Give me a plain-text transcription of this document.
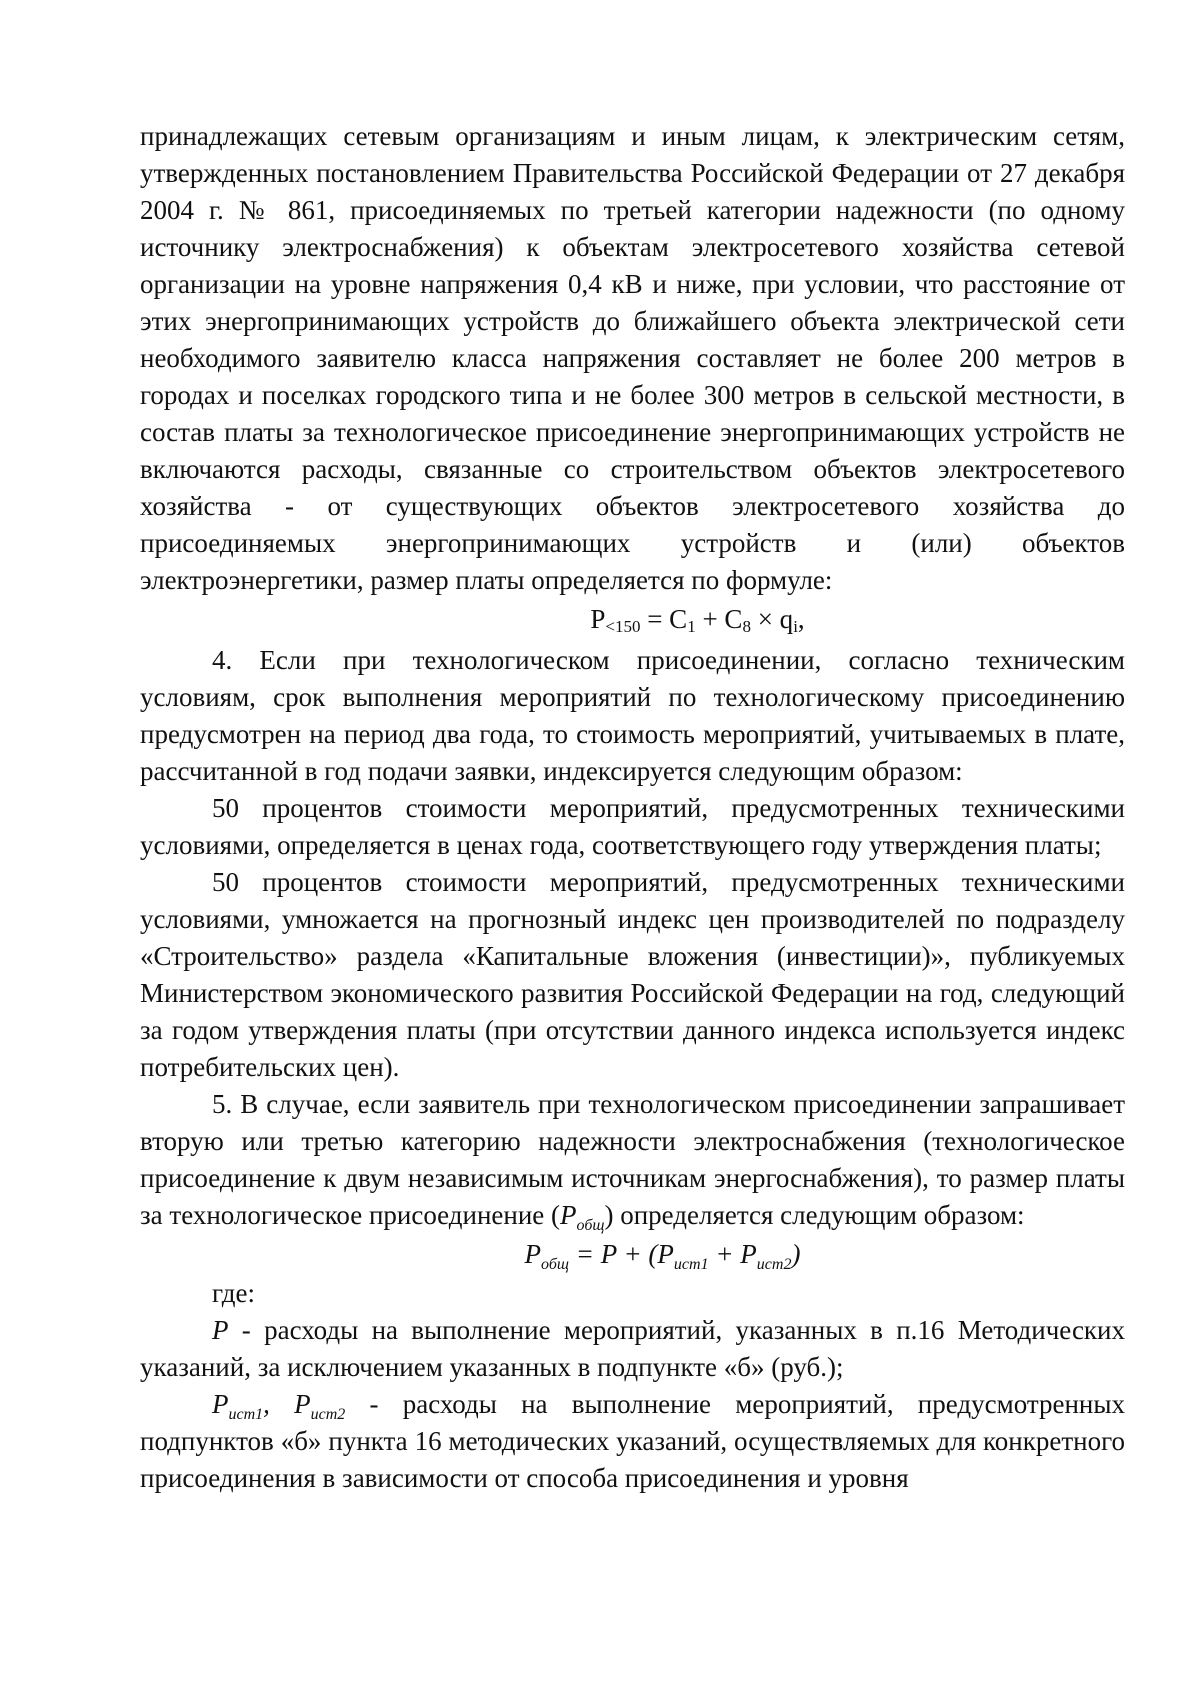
принадлежащих сетевым организациям и иным лицам, к электрическим сетям, утвержденных постановлением Правительства Российской Федерации от 27 декабря 2004 г. № 861, присоединяемых по третьей категории надежности (по одному источнику электроснабжения) к объектам электросетевого хозяйства сетевой организации на уровне напряжения 0,4 кВ и ниже, при условии, что расстояние от этих энергопринимающих устройств до ближайшего объекта электрической сети необходимого заявителю класса напряжения составляет не более 200 метров в городах и поселках городского типа и не более 300 метров в сельской местности, в состав платы за технологическое присоединение энергопринимающих устройств не включаются расходы, связанные со строительством объектов электросетевого хозяйства - от существующих объектов электросетевого хозяйства до присоединяемых энергопринимающих устройств и (или) объектов электроэнергетики, размер платы определяется по формуле:

$P_{<150} = C_1 + C_8 \times q_i$,

4. Если при технологическом присоединении, согласно техническим условиям, срок выполнения мероприятий по технологическому присоединению предусмотрен на период два года, то стоимость мероприятий, учитываемых в плате, рассчитанной в год подачи заявки, индексируется следующим образом:

50 процентов стоимости мероприятий, предусмотренных техническими условиями, определяется в ценах года, соответствующего году утверждения платы;

50 процентов стоимости мероприятий, предусмотренных техническими условиями, умножается на прогнозный индекс цен производителей по подразделу «Строительство» раздела «Капитальные вложения (инвестиции)», публикуемых Министерством экономического развития Российской Федерации на год, следующий за годом утверждения платы (при отсутствии данного индекса используется индекс потребительских цен).

5. В случае, если заявитель при технологическом присоединении запрашивает вторую или третью категорию надежности электроснабжения (технологическое присоединение к двум независимым источникам энергоснабжения), то размер платы за технологическое присоединение $(P_{общ})$ определяется следующим образом:

$P_{общ} = P + (P_{ист1} + P_{ист2})$

где:

P - расходы на выполнение мероприятий, указанных в п.16 Методических указаний, за исключением указанных в подпункте «б» (руб.);

$P_{ист1}$, $P_{ист2}$ - расходы на выполнение мероприятий, предусмотренных подпунктов «б» пункта 16 методических указаний, осуществляемых для конкретного присоединения в зависимости от способа присоединения и уровня
